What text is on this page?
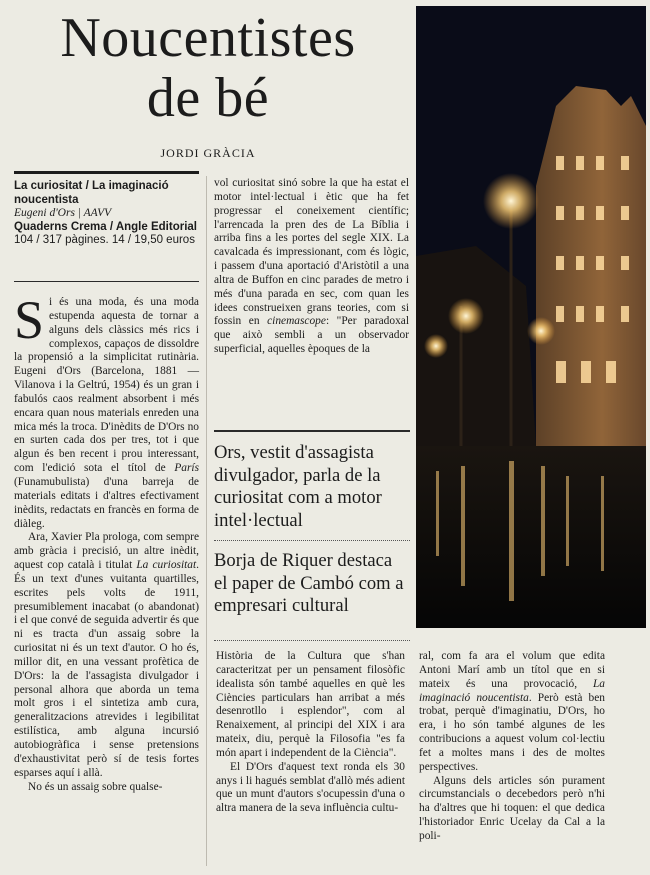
Noucentistes
de bé
JORDI GRÀCIA
La curiositat / La imaginació noucentista
Eugeni d'Ors | AAVV
Quaderns Crema / Angle Editorial
104 / 317 pàgines. 14 / 19,50 euros

Si és una moda, és una moda estupenda aquesta de tornar a alguns dels clàssics més rics i complexos, capaços de dissoldre la propensió a la simplicitat rutinària. Eugeni d'Ors (Barcelona, 1881 — Vilanova i la Geltrú, 1954) és un gran i fabulós caos realment absorbent i més encara quan nous materials enreden una mica més la troca. D'inèdits de D'Ors no en surten cada dos per tres, tot i que algun és ben recent i prou interessant, com l'edició sota el títol de París (Funamubulista) d'una barreja de materials editats i d'altres efectivament inèdits, redactats en francès en forma de diàleg.

Ara, Xavier Pla prologa, com sempre amb gràcia i precisió, un altre inèdit, aquest cop català i titulat La curiositat. És un text d'unes vuitanta quartilles, escrites pels volts de 1911, presumiblement inacabat (o abandonat) i el que convé de seguida advertir és que ni es tracta d'un assaig sobre la curiositat ni és un text d'autor. O ho és, millor dit, en una vessant profètica de D'Ors: la de l'assagista divulgador i personal alhora que aborda un tema molt gros i el sintetiza amb cura, generalitzacions atrevides i legibilitat estilística, amb alguna incursió autobiogràfica i sense pretensions d'exhaustivitat però sí de tesis fortes esparses aquí i allà.

No és un assaig sobre qualse-

vol curiositat sinó sobre la que ha estat el motor intel·lectual i ètic que ha fet progressar el coneixement científic; l'arrencada la pren des de La Bíblia i arriba fins a les portes del segle XIX. La cavalcada és impressionant, com és lògic, i passem d'una aportació d'Aristòtil a una altra de Buffon en cinc parades de metro i més d'una parada en sec, com quan les idees construeixen grans teories, com si fossin en cinemascope: "Per paradoxal que això sembli a un observador superficial, aquelles èpoques de la

Ors, vestit d'assagista divulgador, parla de la curiositat com a motor intel·lectual
Borja de Riquer destaca el paper de Cambó com a empresari cultural

Història de la Cultura que s'han caracteritzat per un pensament filosòfic idealista són també aquelles en què les Ciències particulars han arribat a més desenrotllo i esplendor", com al Renaixement, al principi del XIX i ara mateix, diu, perquè la Filosofia "es fa món apart i independent de la Ciència".

El D'Ors d'aquest text ronda els 30 anys i li hagués semblat d'allò més adient que un munt d'autors s'ocupessin d'una o altra manera de la seva influència cultu-

ral, com fa ara el volum que edita Antoni Marí amb un títol que en si mateix és una provocació, La imaginació noucentista. Però està ben trobat, perquè d'imaginatiu, D'Ors, ho era, i ho són també algunes de les contribucions a aquest volum col·lectiu fet a moltes mans i des de moltes perspectives.

Alguns dels articles són purament circumstancials o decebedors però n'hi ha d'altres que hi toquen: el que dedica l'historiador Enric Ucelay da Cal a la poli-
